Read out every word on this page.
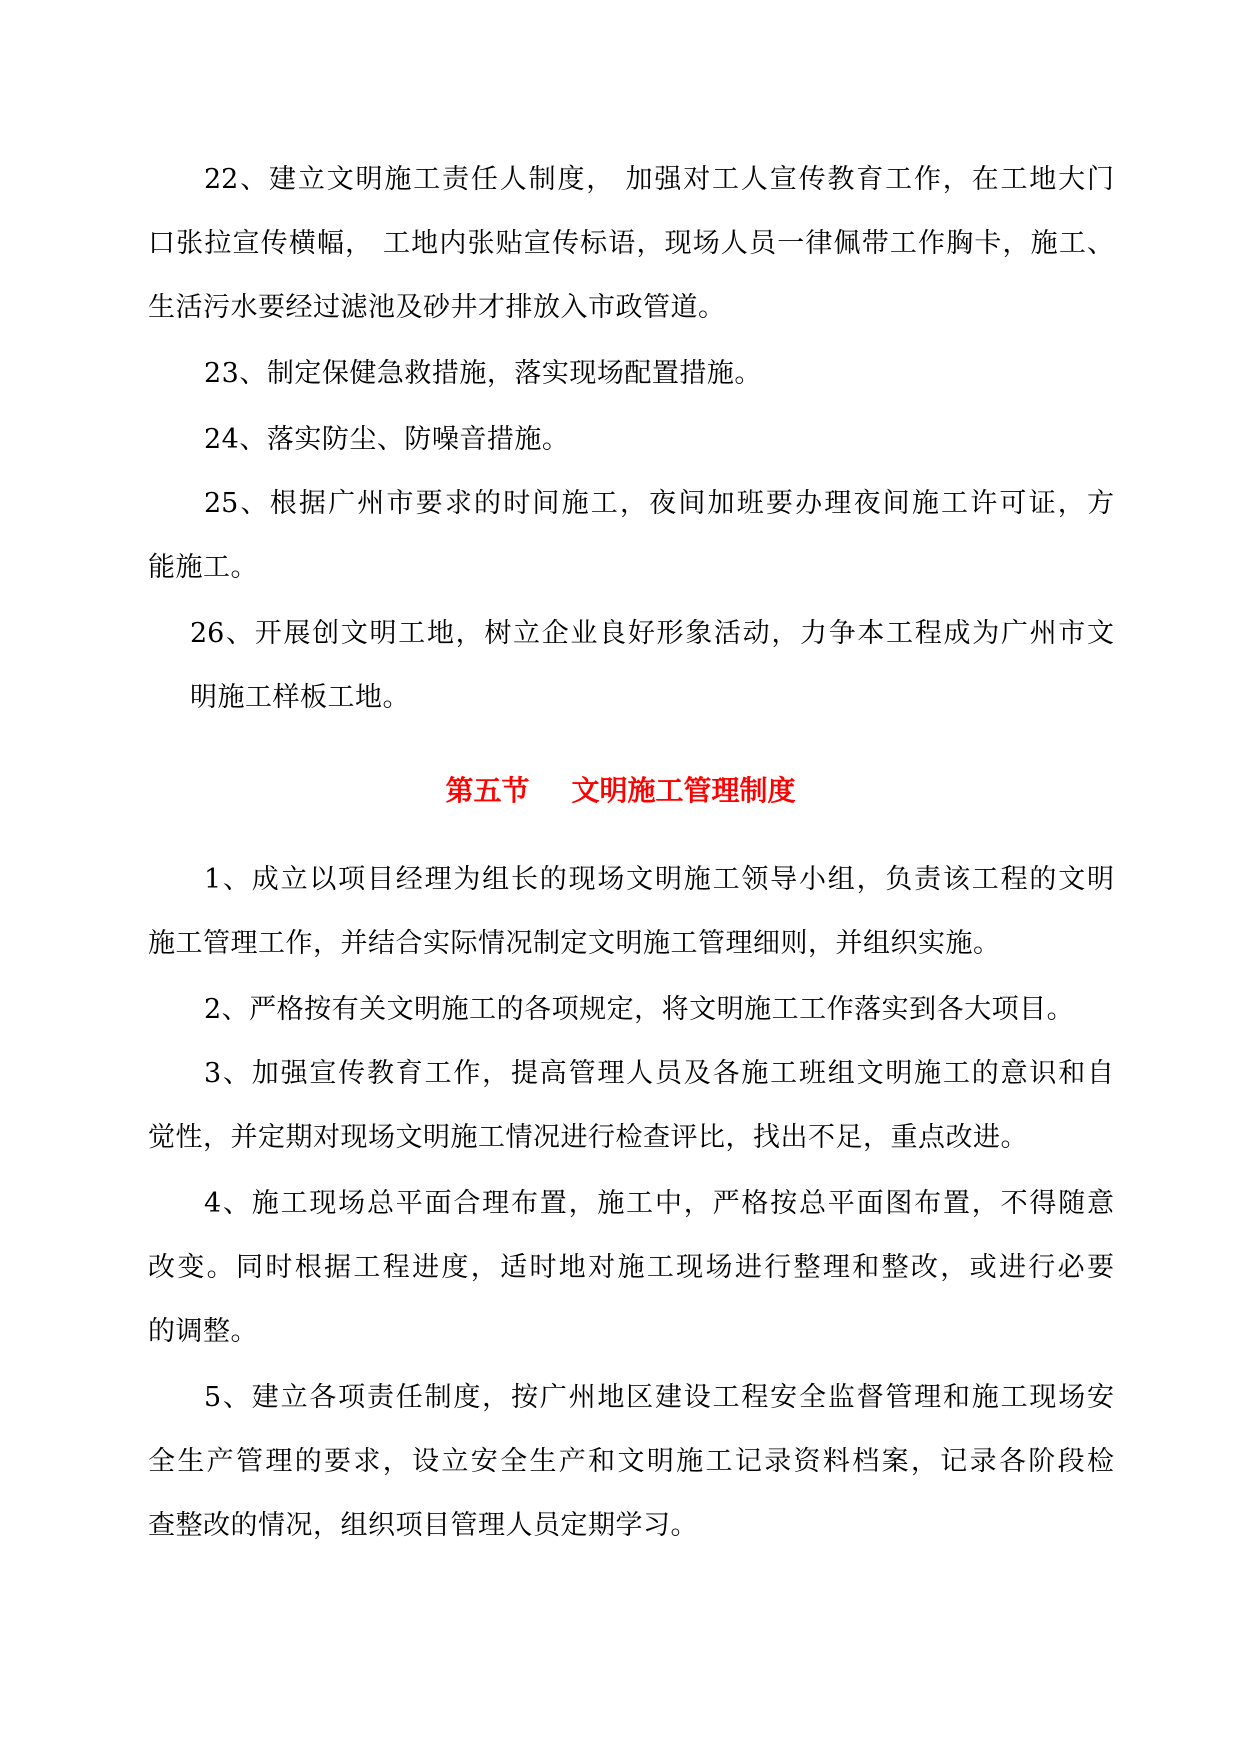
22、建立文明施工责任人制度， 加强对工人宣传教育工作，在工地大门

口张拉宣传横幅， 工地内张贴宣传标语，现场人员一律佩带工作胸卡，施工、

生活污水要经过滤池及砂井才排放入市政管道。

23、制定保健急救措施，落实现场配置措施。

24、落实防尘、防噪音措施。

25、根据广州市要求的时间施工，夜间加班要办理夜间施工许可证，方

能施工。

26、开展创文明工地，树立企业良好形象活动，力争本工程成为广州市文

明施工样板工地。

第五节 文明施工管理制度

1、成立以项目经理为组长的现场文明施工领导小组，负责该工程的文明

施工管理工作，并结合实际情况制定文明施工管理细则，并组织实施。

2、严格按有关文明施工的各项规定，将文明施工工作落实到各大项目。

3、加强宣传教育工作，提高管理人员及各施工班组文明施工的意识和自

觉性，并定期对现场文明施工情况进行检查评比，找出不足，重点改进。

4、施工现场总平面合理布置，施工中，严格按总平面图布置，不得随意

改变。同时根据工程进度，适时地对施工现场进行整理和整改，或进行必要

的调整。

5、建立各项责任制度，按广州地区建设工程安全监督管理和施工现场安

全生产管理的要求，设立安全生产和文明施工记录资料档案，记录各阶段检

查整改的情况，组织项目管理人员定期学习。
